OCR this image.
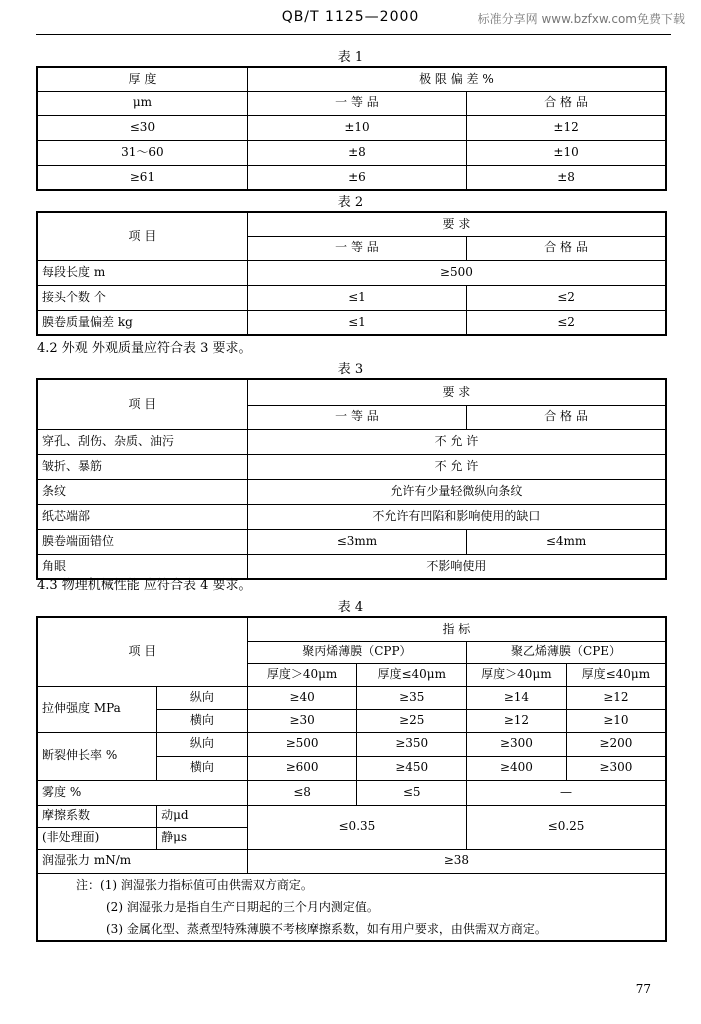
QB/T 1125—2000	标准分享网 www.bzfxw.com免费下载
表 1
厚 度	极 限 偏 差 %	
μm	一 等 品	合 格 品
≤30	±10	±12
31～60	±8	±10
≥61	±6	±8
表 2
项 目	要 求	
	一 等 品	合 格 品
每段长度 m	≥500	
接头个数 个	≤1	≤2
膜卷质量偏差 kg	≤1	≤2
4.2 外观 外观质量应符合表 3 要求。
表 3
项 目	要 求	
	一 等 品	合 格 品
穿孔、刮伤、杂质、油污	不 允 许	
皱折、暴筋	不 允 许	
条纹	允许有少量轻微纵向条纹	
纸芯端部	不允许有凹陷和影响使用的缺口	
膜卷端面错位	≤3mm	≤4mm
角眼	不影响使用	
4.3 物理机械性能 应符合表 4 要求。
表 4
项 目		指 标			
		聚丙烯薄膜（CPP）		聚乙烯薄膜（CPE）	
		厚度＞40μm	厚度≤40μm	厚度＞40μm	厚度≤40μm
拉伸强度 MPa	纵向	≥40	≥35	≥14	≥12
	横向	≥30	≥25	≥12	≥10
断裂伸长率 %	纵向	≥500	≥350	≥300	≥200
	横向	≥600	≥450	≥400	≥300
雾度 %		≤8	≤5	—	
摩擦系数	动μd	≤0.35		≤0.25	
(非处理面)	静μs				
润湿张力 mN/m		≥38			

注：(1) 润湿张力指标值可由供需双方商定。
(2) 润湿张力是指自生产日期起的三个月内测定值。
(3) 金属化型、蒸煮型特殊薄膜不考核摩擦系数，如有用户要求，由供需双方商定。					
77
